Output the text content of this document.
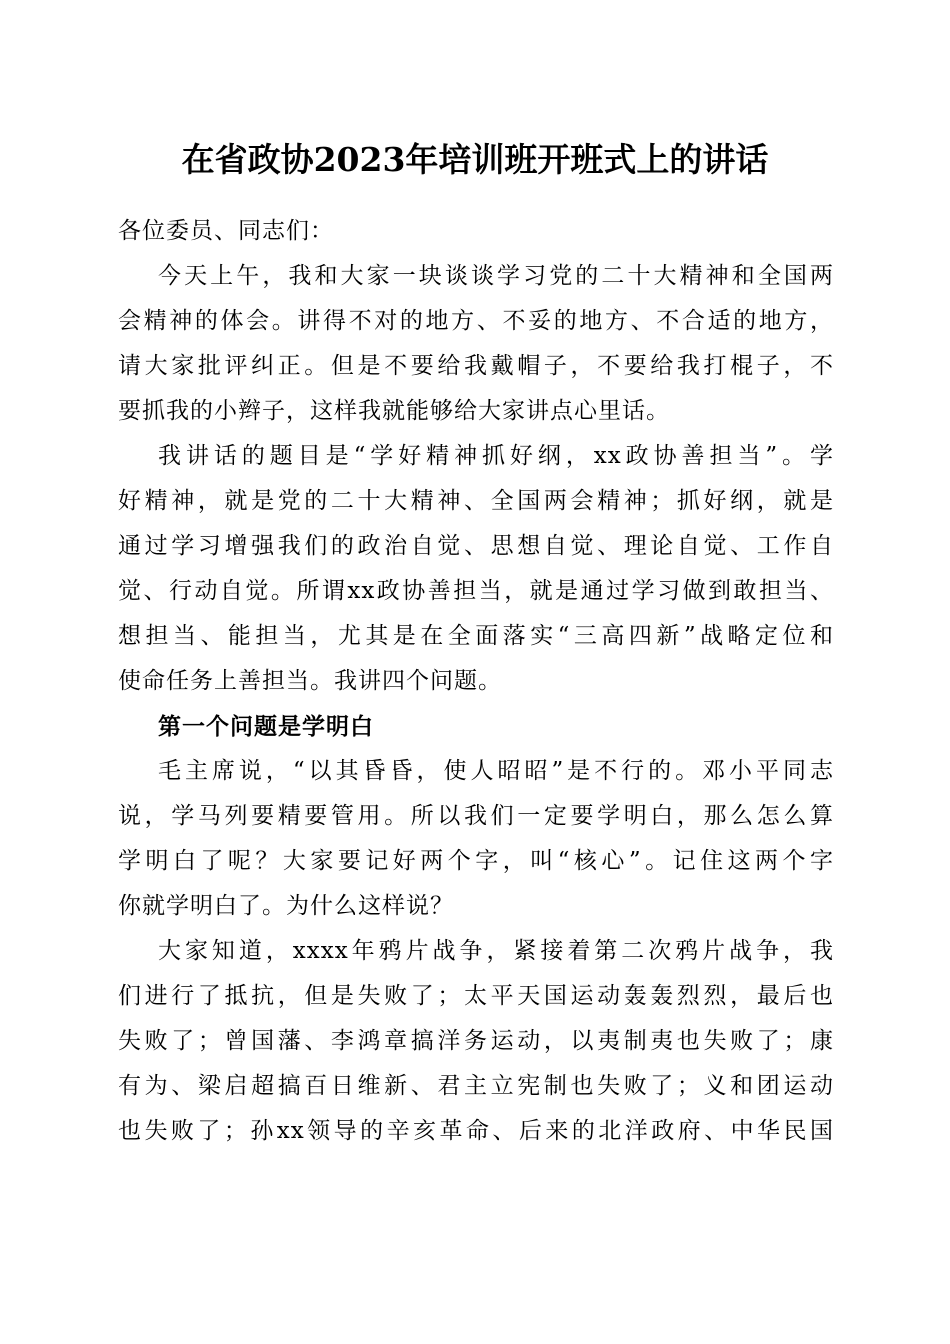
在省政协2023年培训班开班式上的讲话
各位委员、同志们：
今天上午，我和大家一块谈谈学习党的二十大精神和全国两
会精神的体会。讲得不对的地方、不妥的地方、不合适的地方，
请大家批评纠正。但是不要给我戴帽子，不要给我打棍子，不
要抓我的小辫子，这样我就能够给大家讲点心里话。
我讲话的题目是“学好精神抓好纲，xx政协善担当”。学
好精神，就是党的二十大精神、全国两会精神；抓好纲，就是
通过学习增强我们的政治自觉、思想自觉、理论自觉、工作自
觉、行动自觉。所谓xx政协善担当，就是通过学习做到敢担当、
想担当、能担当，尤其是在全面落实“三高四新”战略定位和
使命任务上善担当。我讲四个问题。
第一个问题是学明白
毛主席说，“以其昏昏，使人昭昭”是不行的。邓小平同志
说，学马列要精要管用。所以我们一定要学明白，那么怎么算
学明白了呢？大家要记好两个字，叫“核心”。记住这两个字
你就学明白了。为什么这样说？
大家知道，xxxx年鸦片战争，紧接着第二次鸦片战争，我
们进行了抵抗，但是失败了；太平天国运动轰轰烈烈，最后也
失败了；曾国藩、李鸿章搞洋务运动，以夷制夷也失败了；康
有为、梁启超搞百日维新、君主立宪制也失败了；义和团运动
也失败了；孙xx领导的辛亥革命、后来的北洋政府、中华民国
